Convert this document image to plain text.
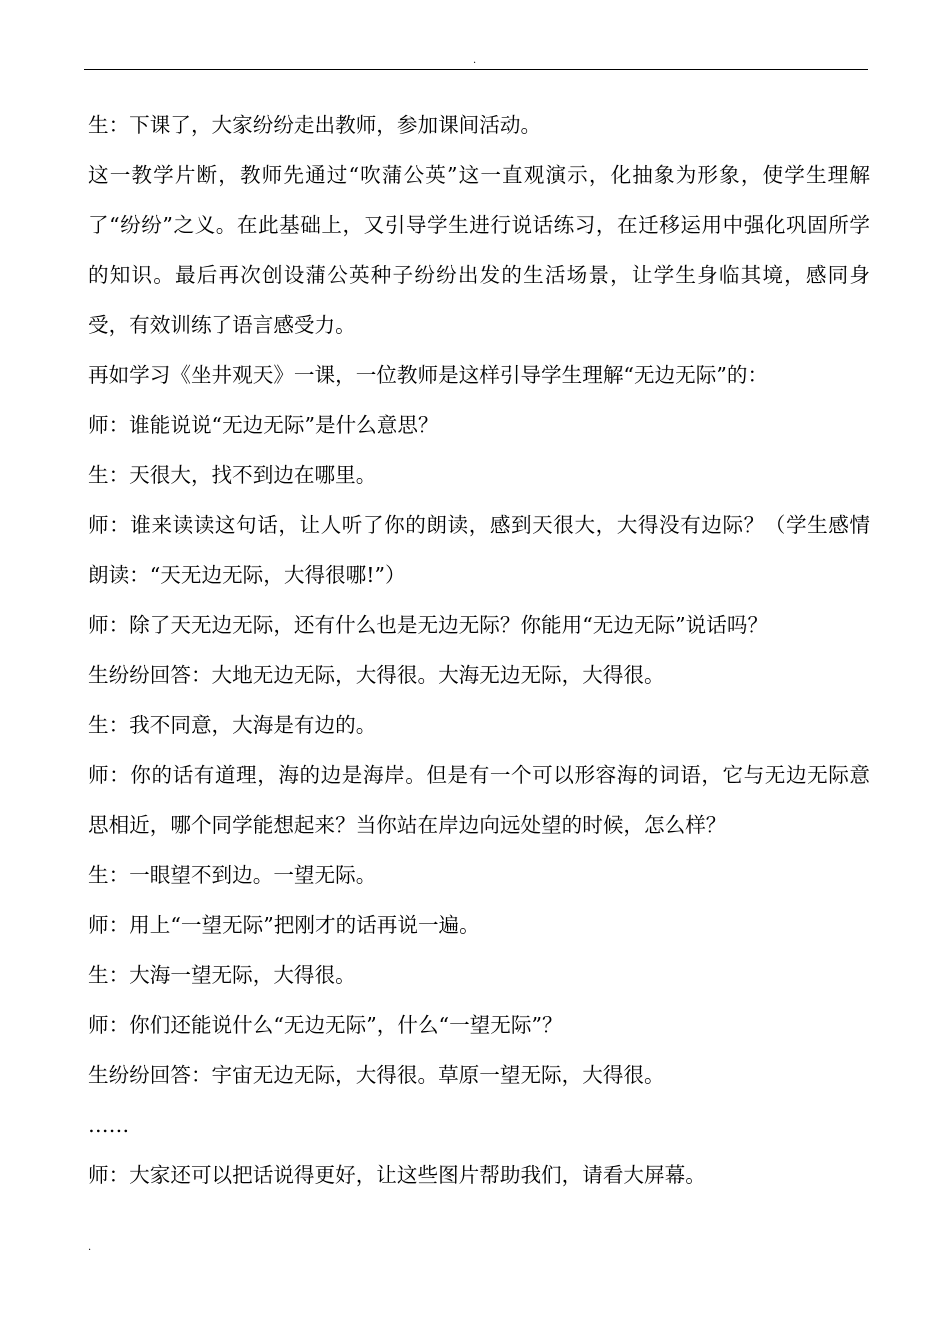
.

生：下课了，大家纷纷走出教师，参加课间活动。

这一教学片断，教师先通过“吹蒲公英”这一直观演示，化抽象为形象，使学生理解了“纷纷”之义。在此基础上，又引导学生进行说话练习，在迁移运用中强化巩固所学的知识。最后再次创设蒲公英种子纷纷出发的生活场景，让学生身临其境，感同身受，有效训练了语言感受力。

再如学习《坐井观天》一课，一位教师是这样引导学生理解“无边无际”的：

师：谁能说说“无边无际”是什么意思？

生：天很大，找不到边在哪里。

师：谁来读读这句话，让人听了你的朗读，感到天很大，大得没有边际？（学生感情朗读：“天无边无际，大得很哪!”）

师：除了天无边无际，还有什么也是无边无际？你能用“无边无际”说话吗？

生纷纷回答：大地无边无际，大得很。大海无边无际，大得很。

生：我不同意，大海是有边的。

师：你的话有道理，海的边是海岸。但是有一个可以形容海的词语，它与无边无际意思相近，哪个同学能想起来？当你站在岸边向远处望的时候，怎么样？

生：一眼望不到边。一望无际。

师：用上“一望无际”把刚才的话再说一遍。

生：大海一望无际，大得很。

师：你们还能说什么“无边无际”，什么“一望无际”？

生纷纷回答：宇宙无边无际，大得很。草原一望无际，大得很。

……

师：大家还可以把话说得更好，让这些图片帮助我们，请看大屏幕。

.
